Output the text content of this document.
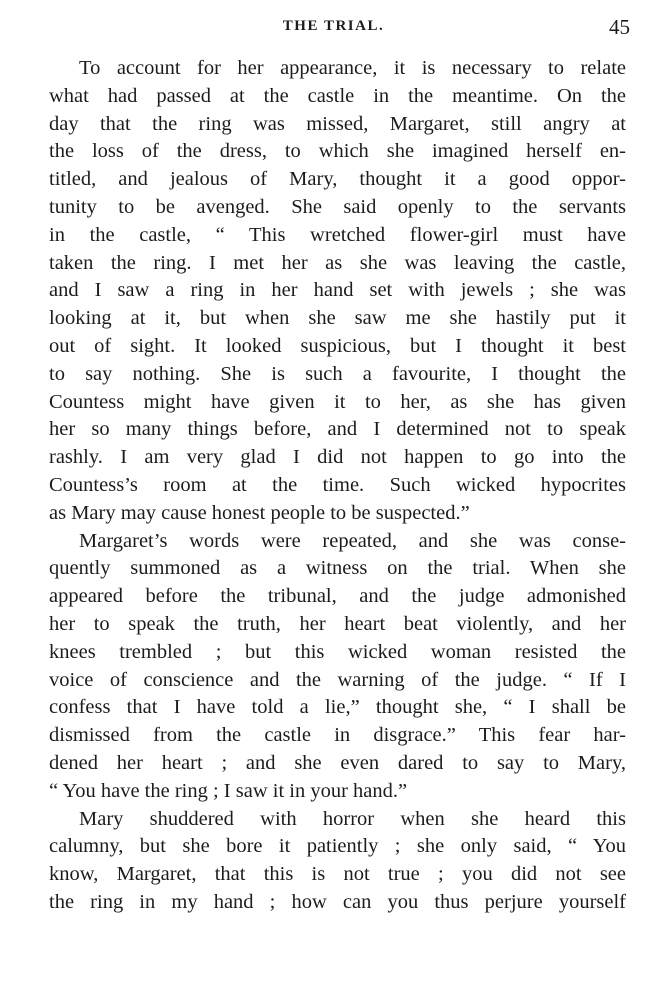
THE TRIAL.	45
To account for her appearance, it is necessary to relate
what had passed at the castle in the meantime. On the
day that the ring was missed, Margaret, still angry at
the loss of the dress, to which she imagined herself en-
titled, and jealous of Mary, thought it a good oppor-
tunity to be avenged. She said openly to the servants
in the castle, “ This wretched flower-girl must have
taken the ring. I met her as she was leaving the castle,
and I saw a ring in her hand set with jewels ; she was
looking at it, but when she saw me she hastily put it
out of sight. It looked suspicious, but I thought it best
to say nothing. She is such a favourite, I thought the
Countess might have given it to her, as she has given
her so many things before, and I determined not to speak
rashly. I am very glad I did not happen to go into the
Countess’s room at the time. Such wicked hypocrites
as Mary may cause honest people to be suspected.”
Margaret’s words were repeated, and she was conse-
quently summoned as a witness on the trial. When she
appeared before the tribunal, and the judge admonished
her to speak the truth, her heart beat violently, and her
knees trembled ; but this wicked woman resisted the
voice of conscience and the warning of the judge. “ If I
confess that I have told a lie,” thought she, “ I shall be
dismissed from the castle in disgrace.” This fear har-
dened her heart ; and she even dared to say to Mary,
“ You have the ring ; I saw it in your hand.”
Mary shuddered with horror when she heard this
calumny, but she bore it patiently ; she only said, “ You
know, Margaret, that this is not true ; you did not see
the ring in my hand ; how can you thus perjure yourself
